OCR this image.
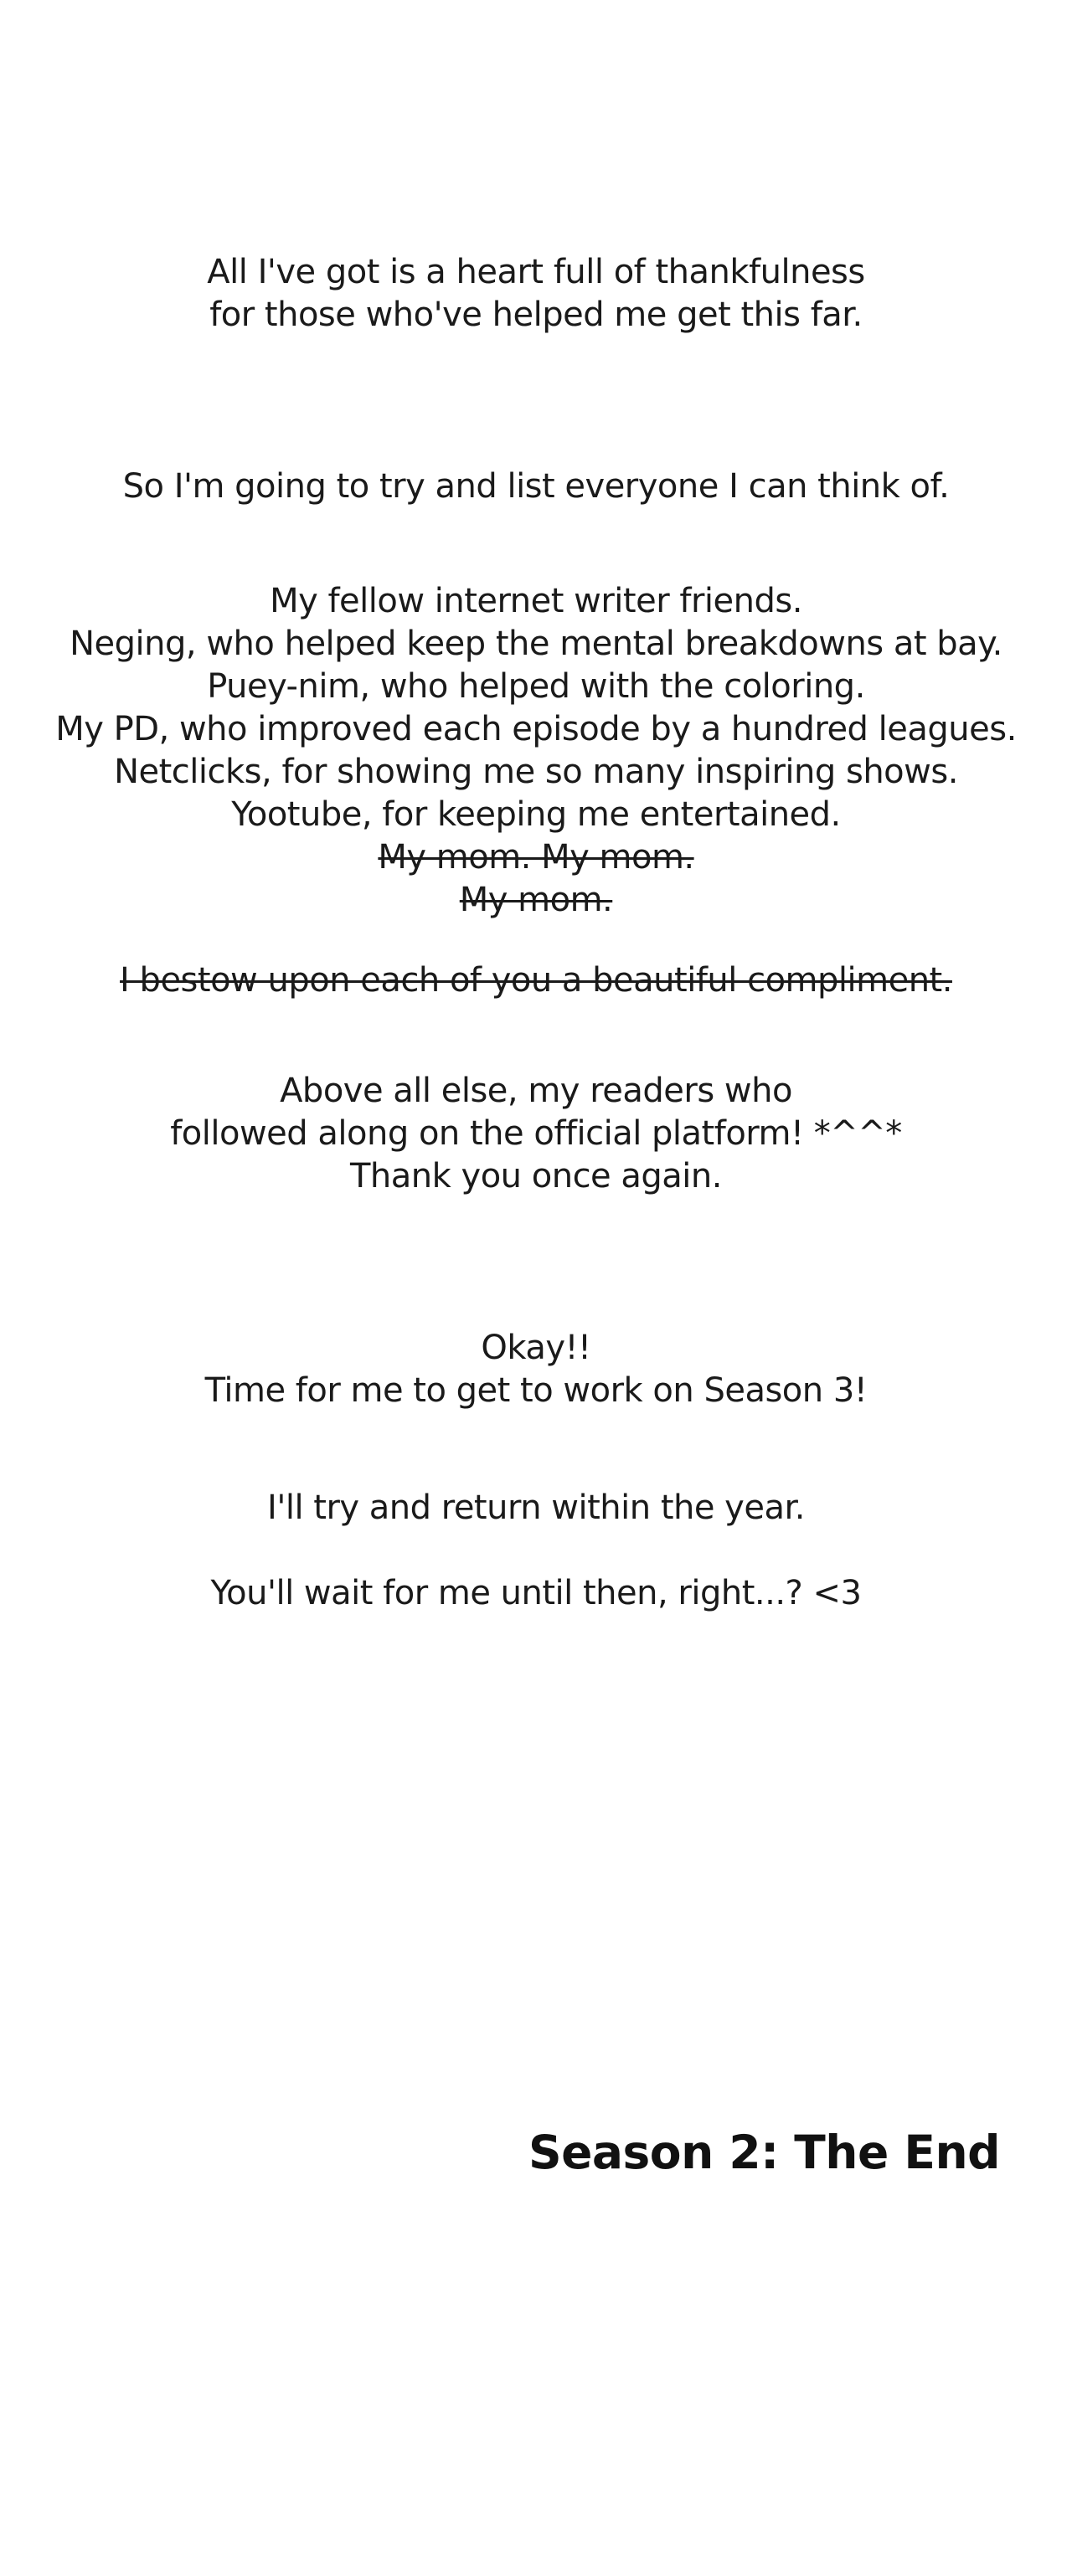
All I've got is a heart full of thankfulness
for those who've helped me get this far.
So I'm going to try and list everyone I can think of.
My fellow internet writer friends.
Neging, who helped keep the mental breakdowns at bay.
Puey-nim, who helped with the coloring.
My PD, who improved each episode by a hundred leagues.
Netclicks, for showing me so many inspiring shows.
Yootube, for keeping me entertained.
My mom. My mom.
My mom.
I bestow upon each of you a beautiful compliment.
Above all else, my readers who
followed along on the official platform! *^^*
Thank you once again.
Okay!!
Time for me to get to work on Season 3!
I'll try and return within the year.
You'll wait for me until then, right...? <3
Season 2: The End
